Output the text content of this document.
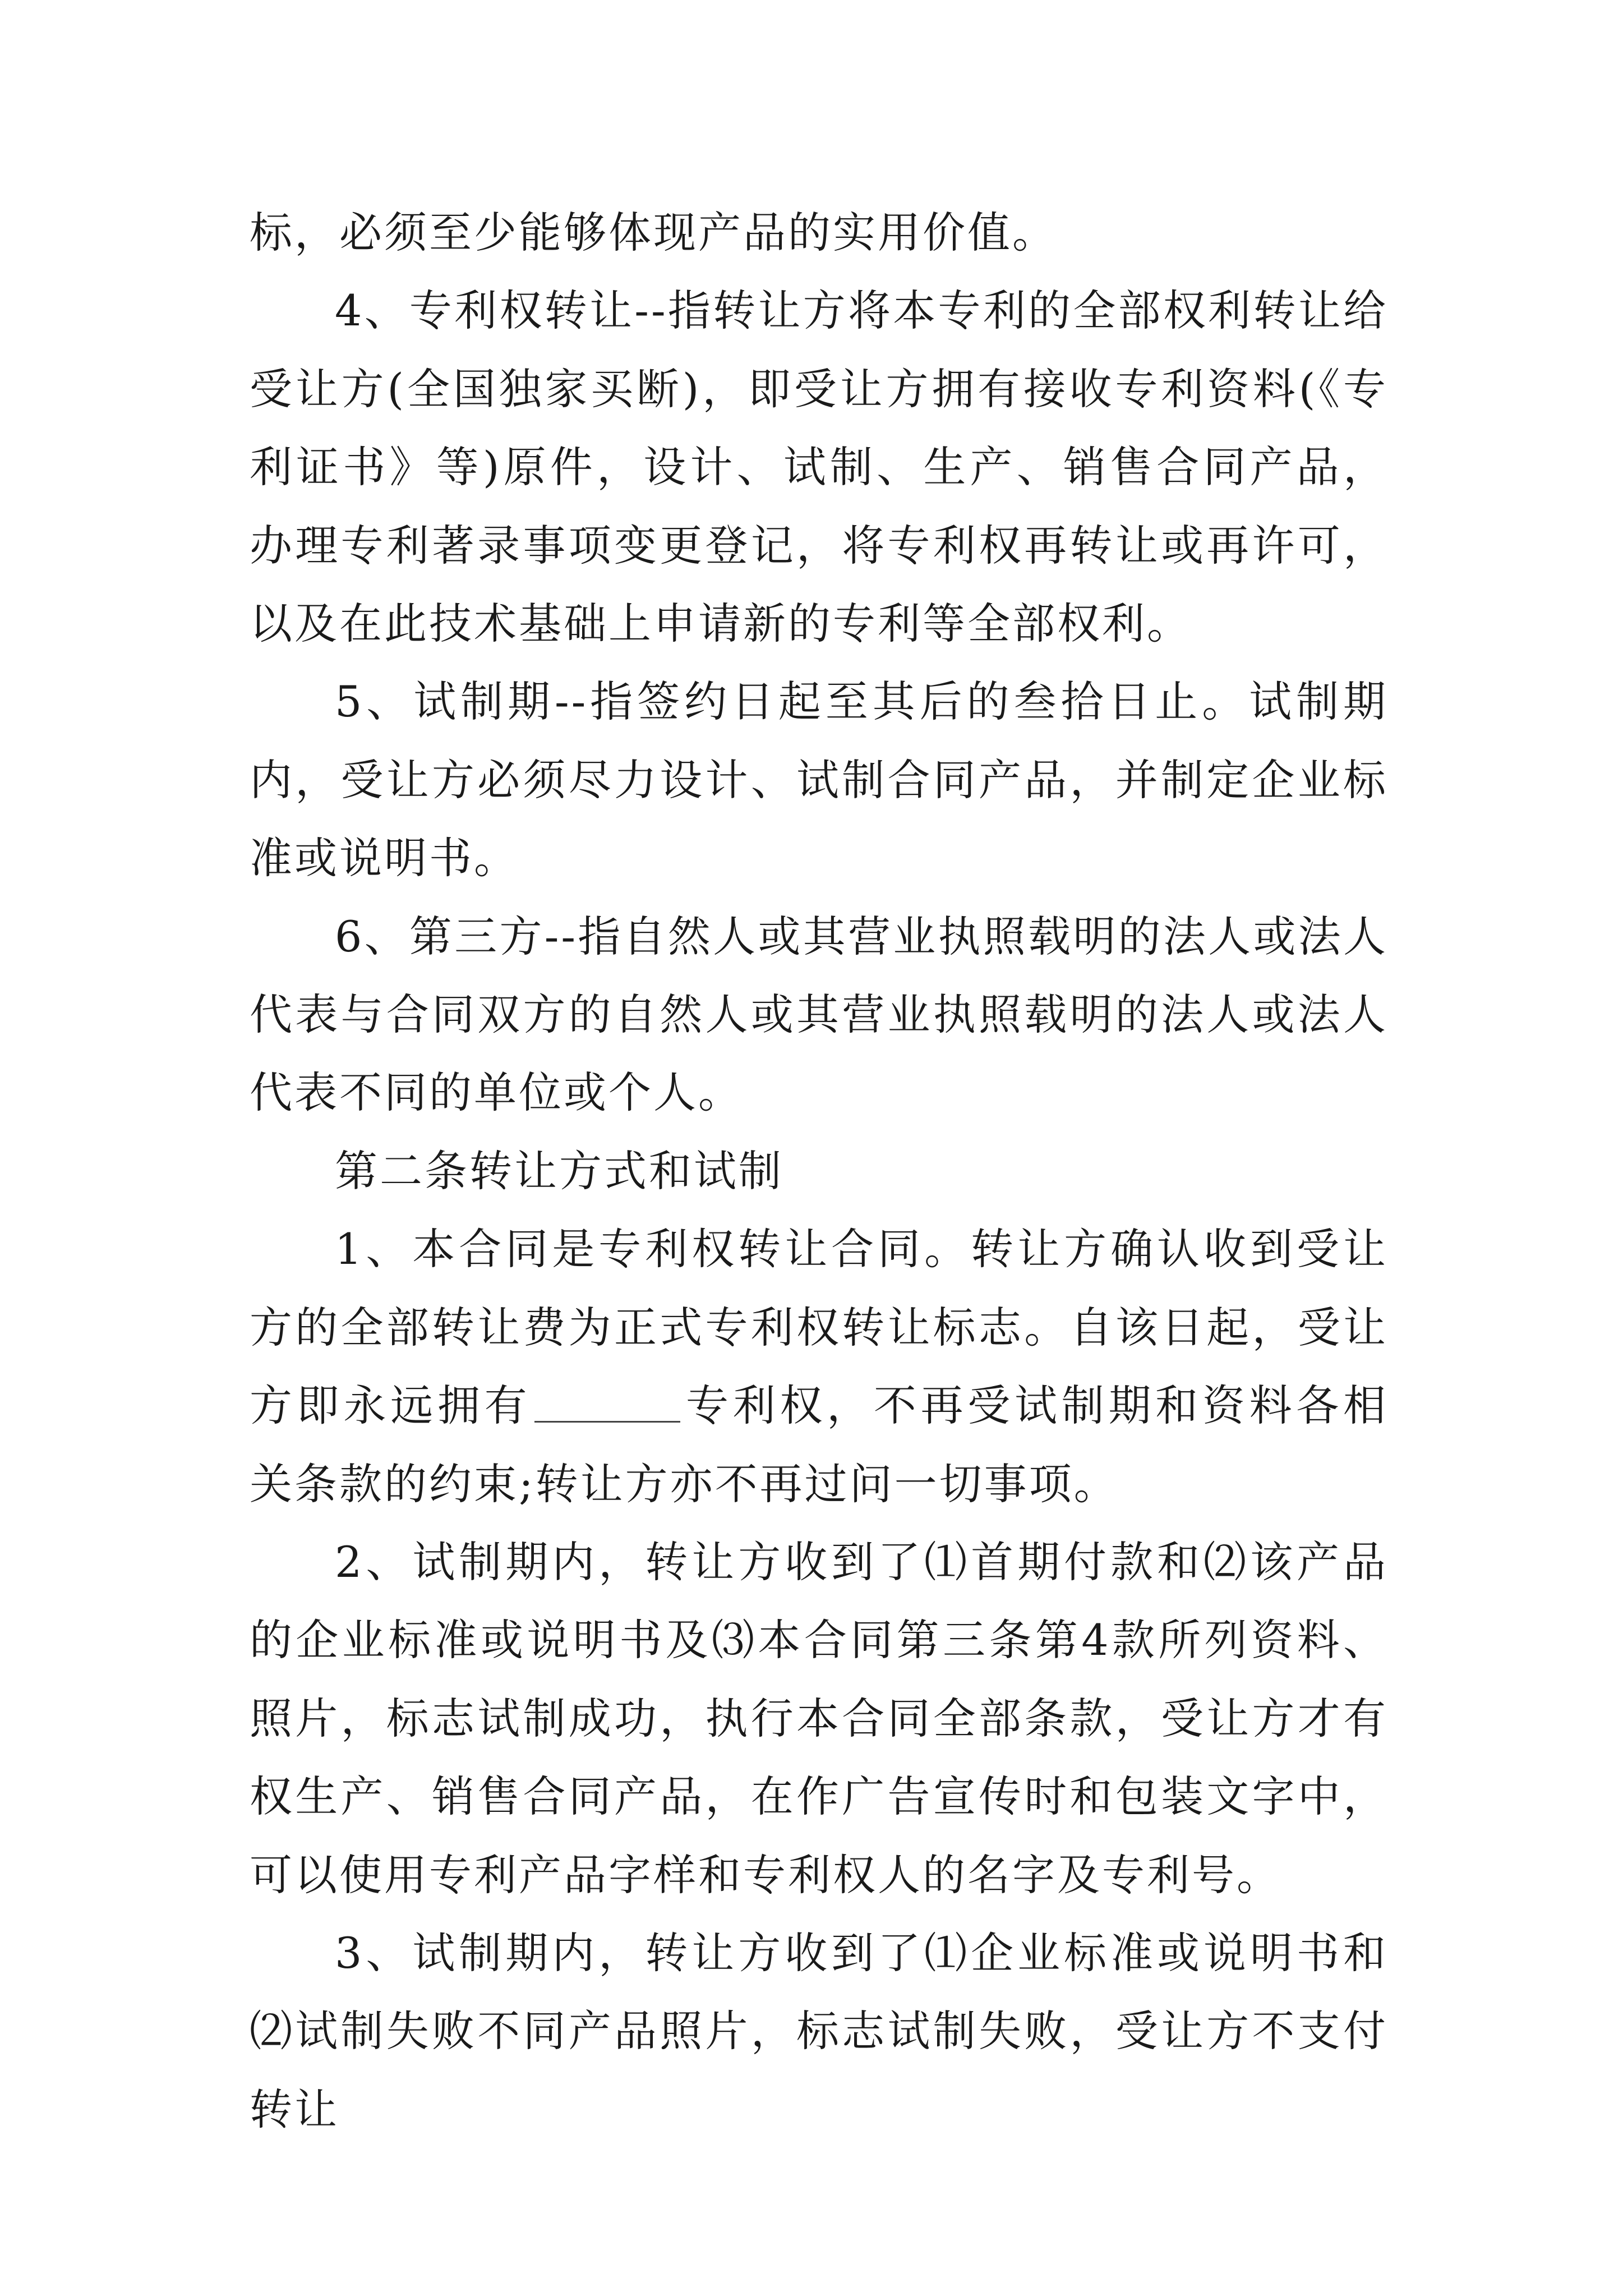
标，必须至少能够体现产品的实用价值。

4、专利权转让--指转让方将本专利的全部权利转让给受让方(全国独家买断)，即受让方拥有接收专利资料(《专利证书》等)原件，设计、试制、生产、销售合同产品，办理专利著录事项变更登记，将专利权再转让或再许可，以及在此技术基础上申请新的专利等全部权利。

5、试制期--指签约日起至其后的叁拾日止。试制期内，受让方必须尽力设计、试制合同产品，并制定企业标准或说明书。

6、第三方--指自然人或其营业执照载明的法人或法人代表与合同双方的自然人或其营业执照载明的法人或法人代表不同的单位或个人。

第二条转让方式和试制

1、本合同是专利权转让合同。转让方确认收到受让方的全部转让费为正式专利权转让标志。自该日起，受让方即永远拥有	专利权，不再受试制期和资料各相关条款的约束;转让方亦不再过问一切事项。

2、试制期内，转让方收到了⑴首期付款和⑵该产品的企业标准或说明书及⑶本合同第三条第4款所列资料、照片，标志试制成功，执行本合同全部条款，受让方才有权生产、销售合同产品，在作广告宣传时和包装文字中，可以使用专利产品字样和专利权人的名字及专利号。

3、试制期内，转让方收到了⑴企业标准或说明书和⑵试制失败不同产品照片，标志试制失败，受让方不支付转让
